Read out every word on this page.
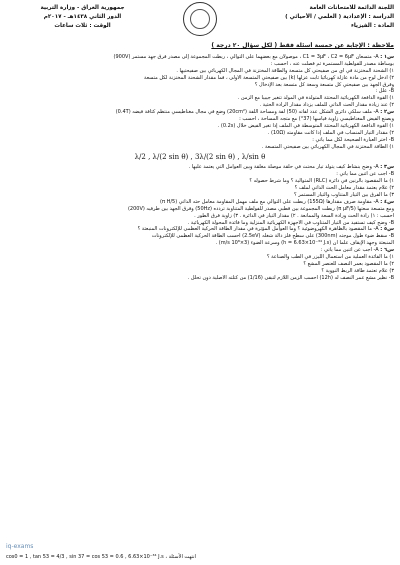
اللجنة الدائمة للامتحانات العامة
الدراسة : الإعدادية ( العلمي / الأحيائي )
المادة : الفيزياء
جمهورية العراق - وزارة التربية
الدور الثاني ١٤٣٨هـ - ٢٠١٧م
الوقت : ثلاث ساعات
ملاحظة : الإجابة عن خمسة أسئلة فقط ( لكل سؤال ٢٠ درجة )
س١ : A- متسعان C1 = 3µF ، C2 = 6µF ، موصولان مع بعضهما على التوالي ، ربطت المجموعة إلى مصدر فرق جهد مستمر (900V)
بوساطة مصدر للفولطية المستمرة ثم فصلت عنه ، احسب :
١) الشحنة المختزنة في أي من صفيحتي كل متسعة والطاقة المختزنة في المجال الكهربائي بين صفيحتيها .
٢) أدخل لوح من مادة عازلة كهربائياً ثابت عزلها (k) بين صفيحتي المتسعة الأولى ، فما مقدار الشحنة المختزنة لكل متسعة
وفرق الجهد بين صفيحتي كل متسعة وسعة كل متسعة بعد الإدخال ؟
B- علل :
١) القوة الدافعة الكهربائية المحتثة المتولدة في المولد تتغير جيبياً مع الزمن .
٢) عند زيادة مقدار الحث الذاتي للملف يزداد مقدار الرادة الحثية .
س٢ : A- ملف سلكي دائري الشكل عدد لفاته (50) لفة ومساحة اللفة (20cm²) وضع في مجال مغناطيسي منتظم كثافة فيضه (0.4T)
ويصنع الفيض المغناطيسي زاوية قياسها (37°) مع متجه المساحة ، احسب :
١) القوة الدافعة الكهربائية المحتثة المتوسطة في الملف إذا تغير الفيض خلال (0.2s) .
٢) مقدار التيار المنساب في الملف إذا كانت مقاومته (10Ω) .
B- اختر العبارة الصحيحة لكل مما يأتي :
١) الطاقة المختزنة في المجال الكهربائي بين صفيحتي المتسعة .
λ/2 , λ/(2 sin θ) , 3λ/(2 sin θ) , λ/sin θ
س٣ : A- وضح بنشاط كيف يتولد تيار محتث في حلقة موصلة مغلقة وبين العوامل التي يعتمد عليها .
B- أجب عن اثنين مما يأتي :
١) ما المقصود بالرنين في دائرة (RLC) المتوالية ؟ وما شرط حصوله ؟
٢) علام يعتمد مقدار معامل الحث الذاتي لملف ؟
٣) ما الفرق بين التيار المتناوب والتيار المستمر ؟
س٤ : A- مقاومة صرف مقدارها (155Ω) ربطت على التوالي مع ملف مهمل المقاومة معامل حثه الذاتي (5/π H)
ومع متسعة سعتها (5/π µF) ربطت المجموعة بين قطبي مصدر للفولطية المتناوبة تردده (50Hz) وفرق الجهد بين طرفيه (200V)
احسب : ١) رادة الحث ورادة السعة والممانعة . ٢) مقدار التيار في الدائرة . ٣) زاوية فرق الطور .
B- وضح كيف تستفيد من التيار المتناوب في الأجهزة الكهربائية المنزلية وما فائدة المحولة الكهربائية .
س٥ : A- ما المقصود بالظاهرة الكهروضوئية ؟ وما العوامل المؤثرة في مقدار الطاقة الحركية العظمى للإلكترونات المنبعثة ؟
B- سقط ضوء طول موجته (300nm) على سطح فلز دالة شغله (2.5eV) احسب الطاقة الحركية العظمى للإلكترونات
المنبعثة وجهد الإيقاف علماً أن (h = 6.63×10⁻³⁴ J.s) وسرعة الضوء (3×10⁸ m/s) .
س٦ : A- أجب عن اثنين مما يأتي :
١) ما الفائدة العملية من استعمال الليزر في الطب والصناعة ؟
٢) ما المقصود بعمر النصف للعنصر المشع ؟
٣) علام تعتمد طاقة الربط النووية ؟
B- نظير مشع عمر النصف له (12h) احسب الزمن اللازم لتبقى (1/16) من كتلته الأصلية دون تحلل .
iq-exams
cos0 = 1 , tan 53 = 4/3 , sin 37 = cos 53 = 0.6 , 6.63×10⁻³⁴ J.s ، انتهت الأسئلة
